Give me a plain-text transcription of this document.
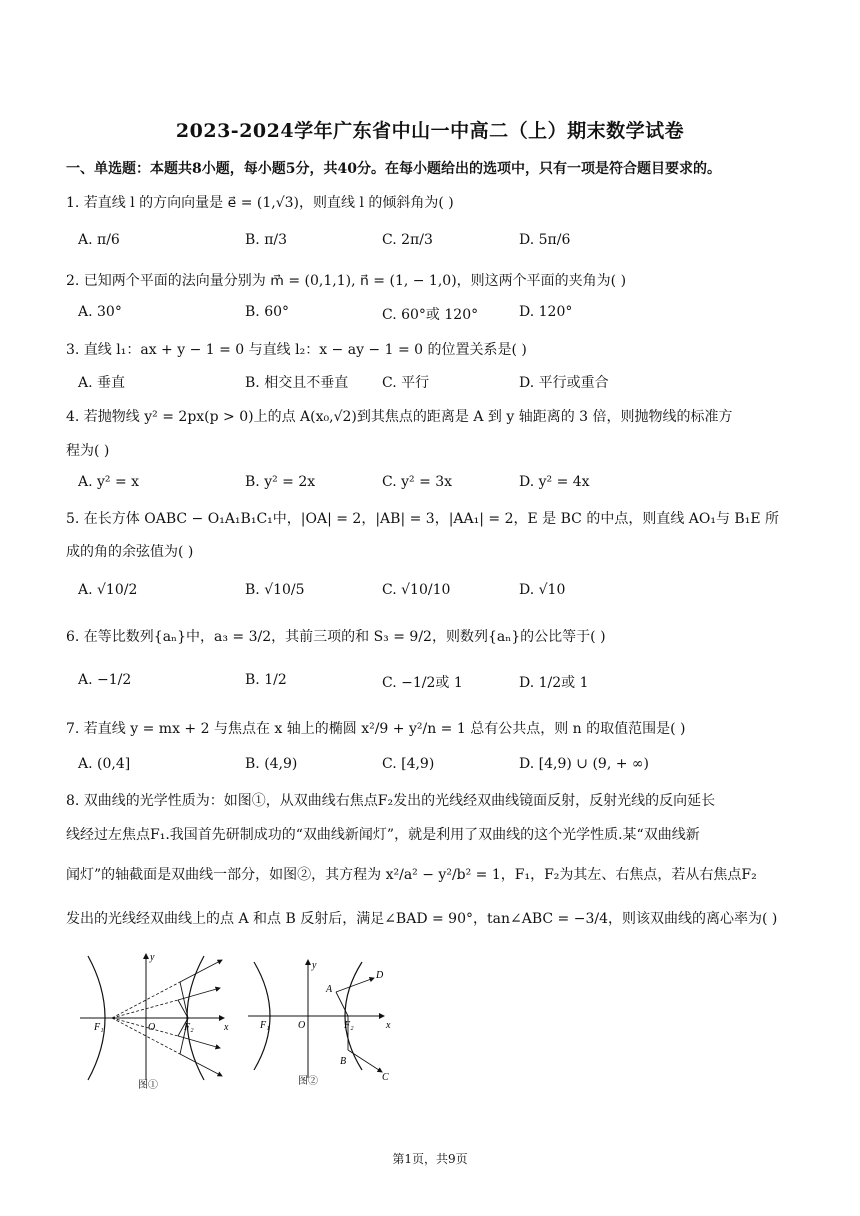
2023-2024学年广东省中山一中高二（上）期末数学试卷
一、单选题：本题共8小题，每小题5分，共40分。在每小题给出的选项中，只有一项是符合题目要求的。
1. 若直线 l 的方向向量是 e⃗ = (1,√3)，则直线 l 的倾斜角为( )
A. π/6	B. π/3	C. 2π/3	D. 5π/6
2. 已知两个平面的法向量分别为 m⃗ = (0,1,1), n⃗ = (1, − 1,0)，则这两个平面的夹角为( )
A. 30°	B. 60°	C. 60°或 120°	D. 120°
3. 直线 l₁：ax + y − 1 = 0 与直线 l₂：x − ay − 1 = 0 的位置关系是( )
A. 垂直	B. 相交且不垂直 C. 平行	D. 平行或重合
4. 若抛物线 y² = 2px(p > 0)上的点 A(x₀,√2)到其焦点的距离是 A 到 y 轴距离的 3 倍，则抛物线的标准方
程为( )
A. y² = x	B. y² = 2x	C. y² = 3x	D. y² = 4x
5. 在长方体 OABC − O₁A₁B₁C₁中，|OA| = 2，|AB| = 3，|AA₁| = 2，E 是 BC 的中点，则直线 AO₁与 B₁E 所
成的角的余弦值为( )
A. √10/2	B. √10/5	C. √10/10	D. √10
6. 在等比数列{aₙ}中，a₃ = 3/2，其前三项的和 S₃ = 9/2，则数列{aₙ}的公比等于( )
A. −1/2	B. 1/2	C. −1/2或 1	D. 1/2或 1
7. 若直线 y = mx + 2 与焦点在 x 轴上的椭圆 x²/9 + y²/n = 1 总有公共点，则 n 的取值范围是( )
A. (0,4]	B. (4,9)	C. [4,9)	D. [4,9) ∪ (9, + ∞)
8. 双曲线的光学性质为：如图①，从双曲线右焦点F₂发出的光线经双曲线镜面反射，反射光线的反向延长
线经过左焦点F₁.我国首先研制成功的“双曲线新闻灯”，就是利用了双曲线的这个光学性质.某“双曲线新
闻灯”的轴截面是双曲线一部分，如图②，其方程为 x²/a² − y²/b² = 1，F₁，F₂为其左、右焦点，若从右焦点F₂
发出的光线经双曲线上的点 A 和点 B 反射后，满足∠BAD = 90°，tan∠ABC = −3/4，则该双曲线的离心率为( )
F₁	O	F₂	x
y
图①
F₁	O	F₂	x
y
A
D
B
C
图②
第1页，共9页
